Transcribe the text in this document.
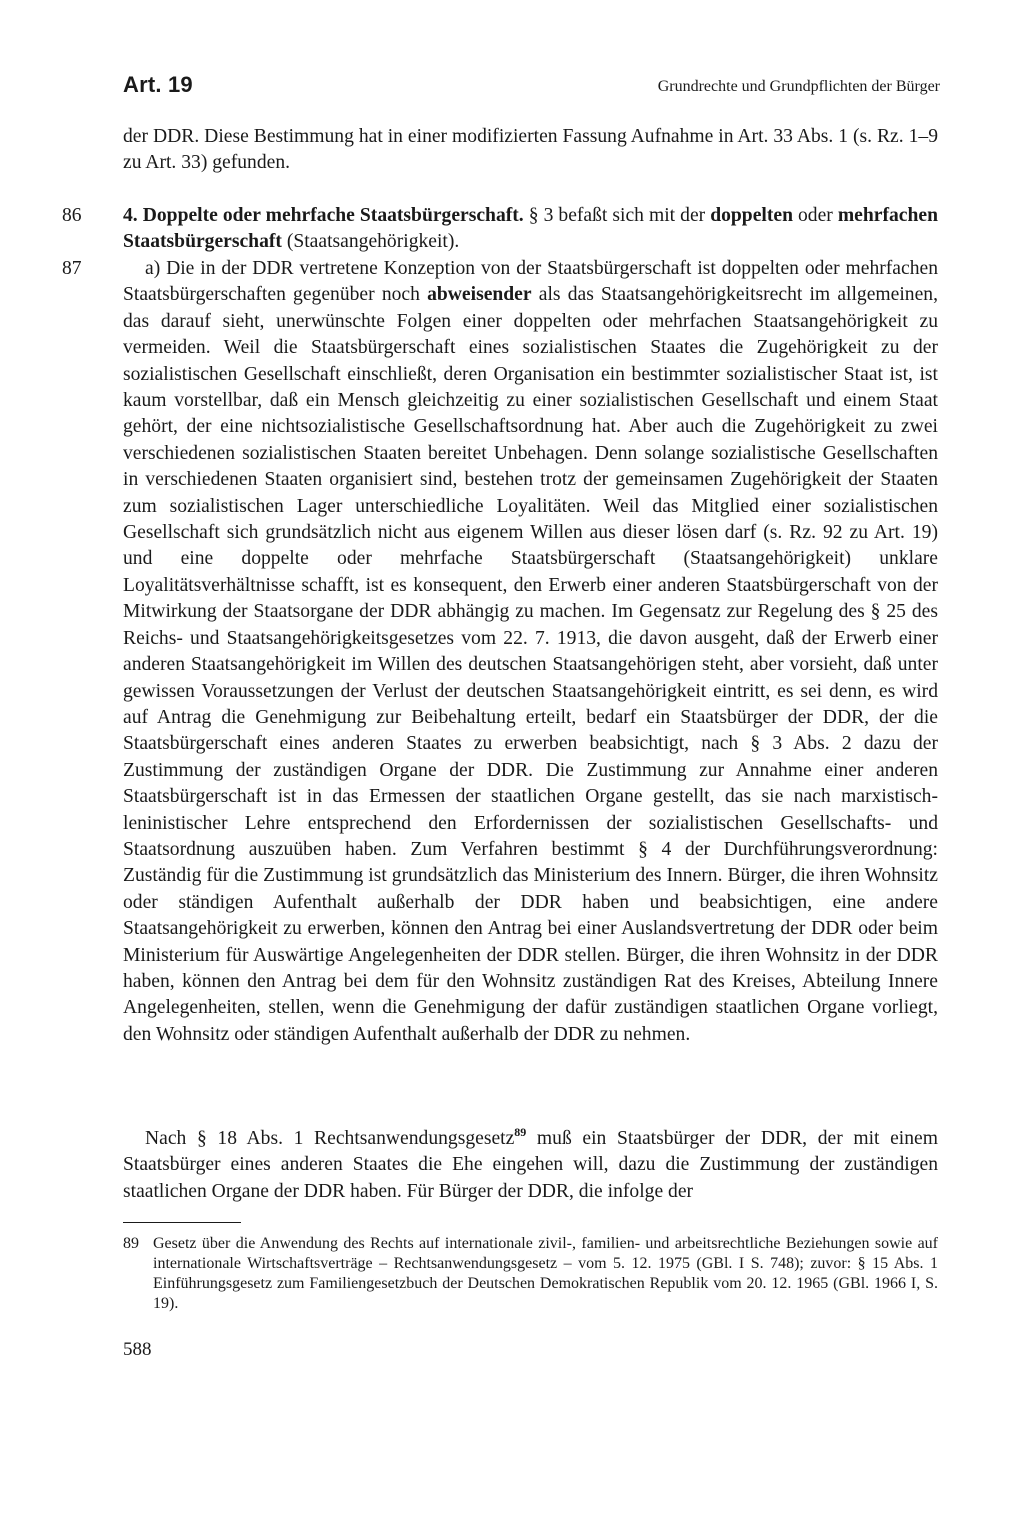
Art. 19	Grundrechte und Grundpflichten der Bürger

der DDR. Diese Bestimmung hat in einer modifizierten Fassung Aufnahme in Art. 33 Abs. 1 (s. Rz. 1–9 zu Art. 33) gefunden.

86 4. Doppelte oder mehrfache Staatsbürgerschaft. § 3 befaßt sich mit der doppelten oder mehrfachen Staatsbürgerschaft (Staatsangehörigkeit).

87	a) Die in der DDR vertretene Konzeption von der Staatsbürgerschaft ist doppelten oder mehrfachen Staatsbürgerschaften gegenüber noch abweisender als das Staatsangehörigkeitsrecht im allgemeinen, das darauf sieht, unerwünschte Folgen einer doppelten oder mehrfachen Staatsangehörigkeit zu vermeiden. Weil die Staatsbürgerschaft eines sozialistischen Staates die Zugehörigkeit zu der sozialistischen Gesellschaft einschließt, deren Organisation ein bestimmter sozialistischer Staat ist, ist kaum vorstellbar, daß ein Mensch gleichzeitig zu einer sozialistischen Gesellschaft und einem Staat gehört, der eine nichtsozialistische Gesellschaftsordnung hat. Aber auch die Zugehörigkeit zu zwei verschiedenen sozialistischen Staaten bereitet Unbehagen. Denn solange sozialistische Gesellschaften in verschiedenen Staaten organisiert sind, bestehen trotz der gemeinsamen Zugehörigkeit der Staaten zum sozialistischen Lager unterschiedliche Loyalitäten. Weil das Mitglied einer sozialistischen Gesellschaft sich grundsätzlich nicht aus eigenem Willen aus dieser lösen darf (s. Rz. 92 zu Art. 19) und eine doppelte oder mehrfache Staatsbürgerschaft (Staatsangehörigkeit) unklare Loyalitätsverhältnisse schafft, ist es konsequent, den Erwerb einer anderen Staatsbürgerschaft von der Mitwirkung der Staatsorgane der DDR abhängig zu machen. Im Gegensatz zur Regelung des § 25 des Reichs- und Staatsangehörigkeitsgesetzes vom 22. 7. 1913, die davon ausgeht, daß der Erwerb einer anderen Staatsangehörigkeit im Willen des deutschen Staatsangehörigen steht, aber vorsieht, daß unter gewissen Voraussetzungen der Verlust der deutschen Staatsangehörigkeit eintritt, es sei denn, es wird auf Antrag die Genehmigung zur Beibehaltung erteilt, bedarf ein Staatsbürger der DDR, der die Staatsbürgerschaft eines anderen Staates zu erwerben beabsichtigt, nach § 3 Abs. 2 dazu der Zustimmung der zuständigen Organe der DDR. Die Zustimmung zur Annahme einer anderen Staatsbürgerschaft ist in das Ermessen der staatlichen Organe gestellt, das sie nach marxistisch-leninistischer Lehre entsprechend den Erfordernissen der sozialistischen Gesellschafts- und Staatsordnung auszuüben haben. Zum Verfahren bestimmt § 4 der Durchführungsverordnung: Zuständig für die Zustimmung ist grundsätzlich das Ministerium des Innern. Bürger, die ihren Wohnsitz oder ständigen Aufenthalt außerhalb der DDR haben und beabsichtigen, eine andere Staatsangehörigkeit zu erwerben, können den Antrag bei einer Auslandsvertretung der DDR oder beim Ministerium für Auswärtige Angelegenheiten der DDR stellen. Bürger, die ihren Wohnsitz in der DDR haben, können den Antrag bei dem für den Wohnsitz zuständigen Rat des Kreises, Abteilung Innere Angelegenheiten, stellen, wenn die Genehmigung der dafür zuständigen staatlichen Organe vorliegt, den Wohnsitz oder ständigen Aufenthalt außerhalb der DDR zu nehmen.

Nach § 18 Abs. 1 Rechtsanwendungsgesetz$^{89}$ muß ein Staatsbürger der DDR, der mit einem Staatsbürger eines anderen Staates die Ehe eingehen will, dazu die Zustimmung der zuständigen staatlichen Organe der DDR haben. Für Bürger der DDR, die infolge der

89 Gesetz über die Anwendung des Rechts auf internationale zivil-, familien- und arbeitsrechtliche Beziehungen sowie auf internationale Wirtschaftsverträge – Rechtsanwendungsgesetz – vom 5. 12. 1975 (GBl. I S. 748); zuvor: § 15 Abs. 1 Einführungsgesetz zum Familiengesetzbuch der Deutschen Demokratischen Republik vom 20. 12. 1965 (GBl. 1966 I, S. 19).
588
